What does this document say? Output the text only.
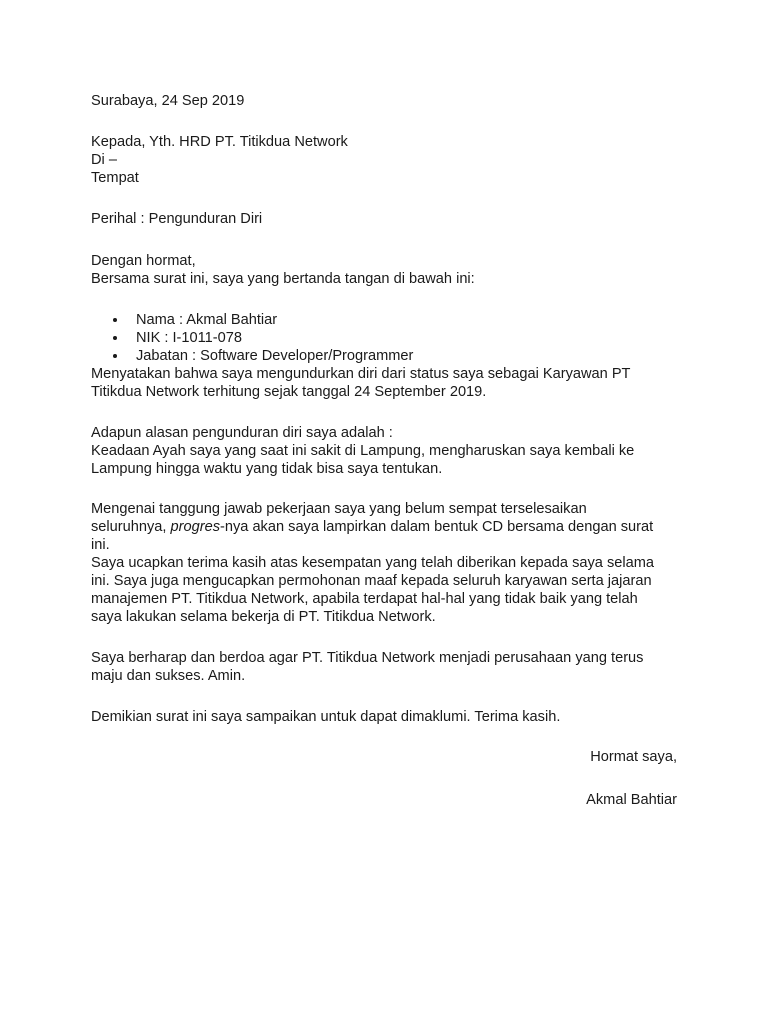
Surabaya, 24 Sep 2019

Kepada, Yth. HRD PT. Titikdua Network
Di –
Tempat

Perihal : Pengunduran Diri

Dengan hormat,
Bersama surat ini, saya yang bertanda tangan di bawah ini:

Nama : Akmal Bahtiar
NIK : I-1011-078
Jabatan : Software Developer/Programmer

Menyatakan bahwa saya mengundurkan diri dari status saya sebagai Karyawan PT
Titikdua Network terhitung sejak tanggal 24 September 2019.

Adapun alasan pengunduran diri saya adalah :
Keadaan Ayah saya yang saat ini sakit di Lampung, mengharuskan saya kembali ke
Lampung hingga waktu yang tidak bisa saya tentukan.

Mengenai tanggung jawab pekerjaan saya yang belum sempat terselesaikan
seluruhnya, progres-nya akan saya lampirkan dalam bentuk CD bersama dengan surat
ini.
Saya ucapkan terima kasih atas kesempatan yang telah diberikan kepada saya selama
ini. Saya juga mengucapkan permohonan maaf kepada seluruh karyawan serta jajaran
manajemen PT. Titikdua Network, apabila terdapat hal-hal yang tidak baik yang telah
saya lakukan selama bekerja di PT. Titikdua Network.

Saya berharap dan berdoa agar PT. Titikdua Network menjadi perusahaan yang terus
maju dan sukses. Amin.

Demikian surat ini saya sampaikan untuk dapat dimaklumi. Terima kasih.

Hormat saya,

Akmal Bahtiar
